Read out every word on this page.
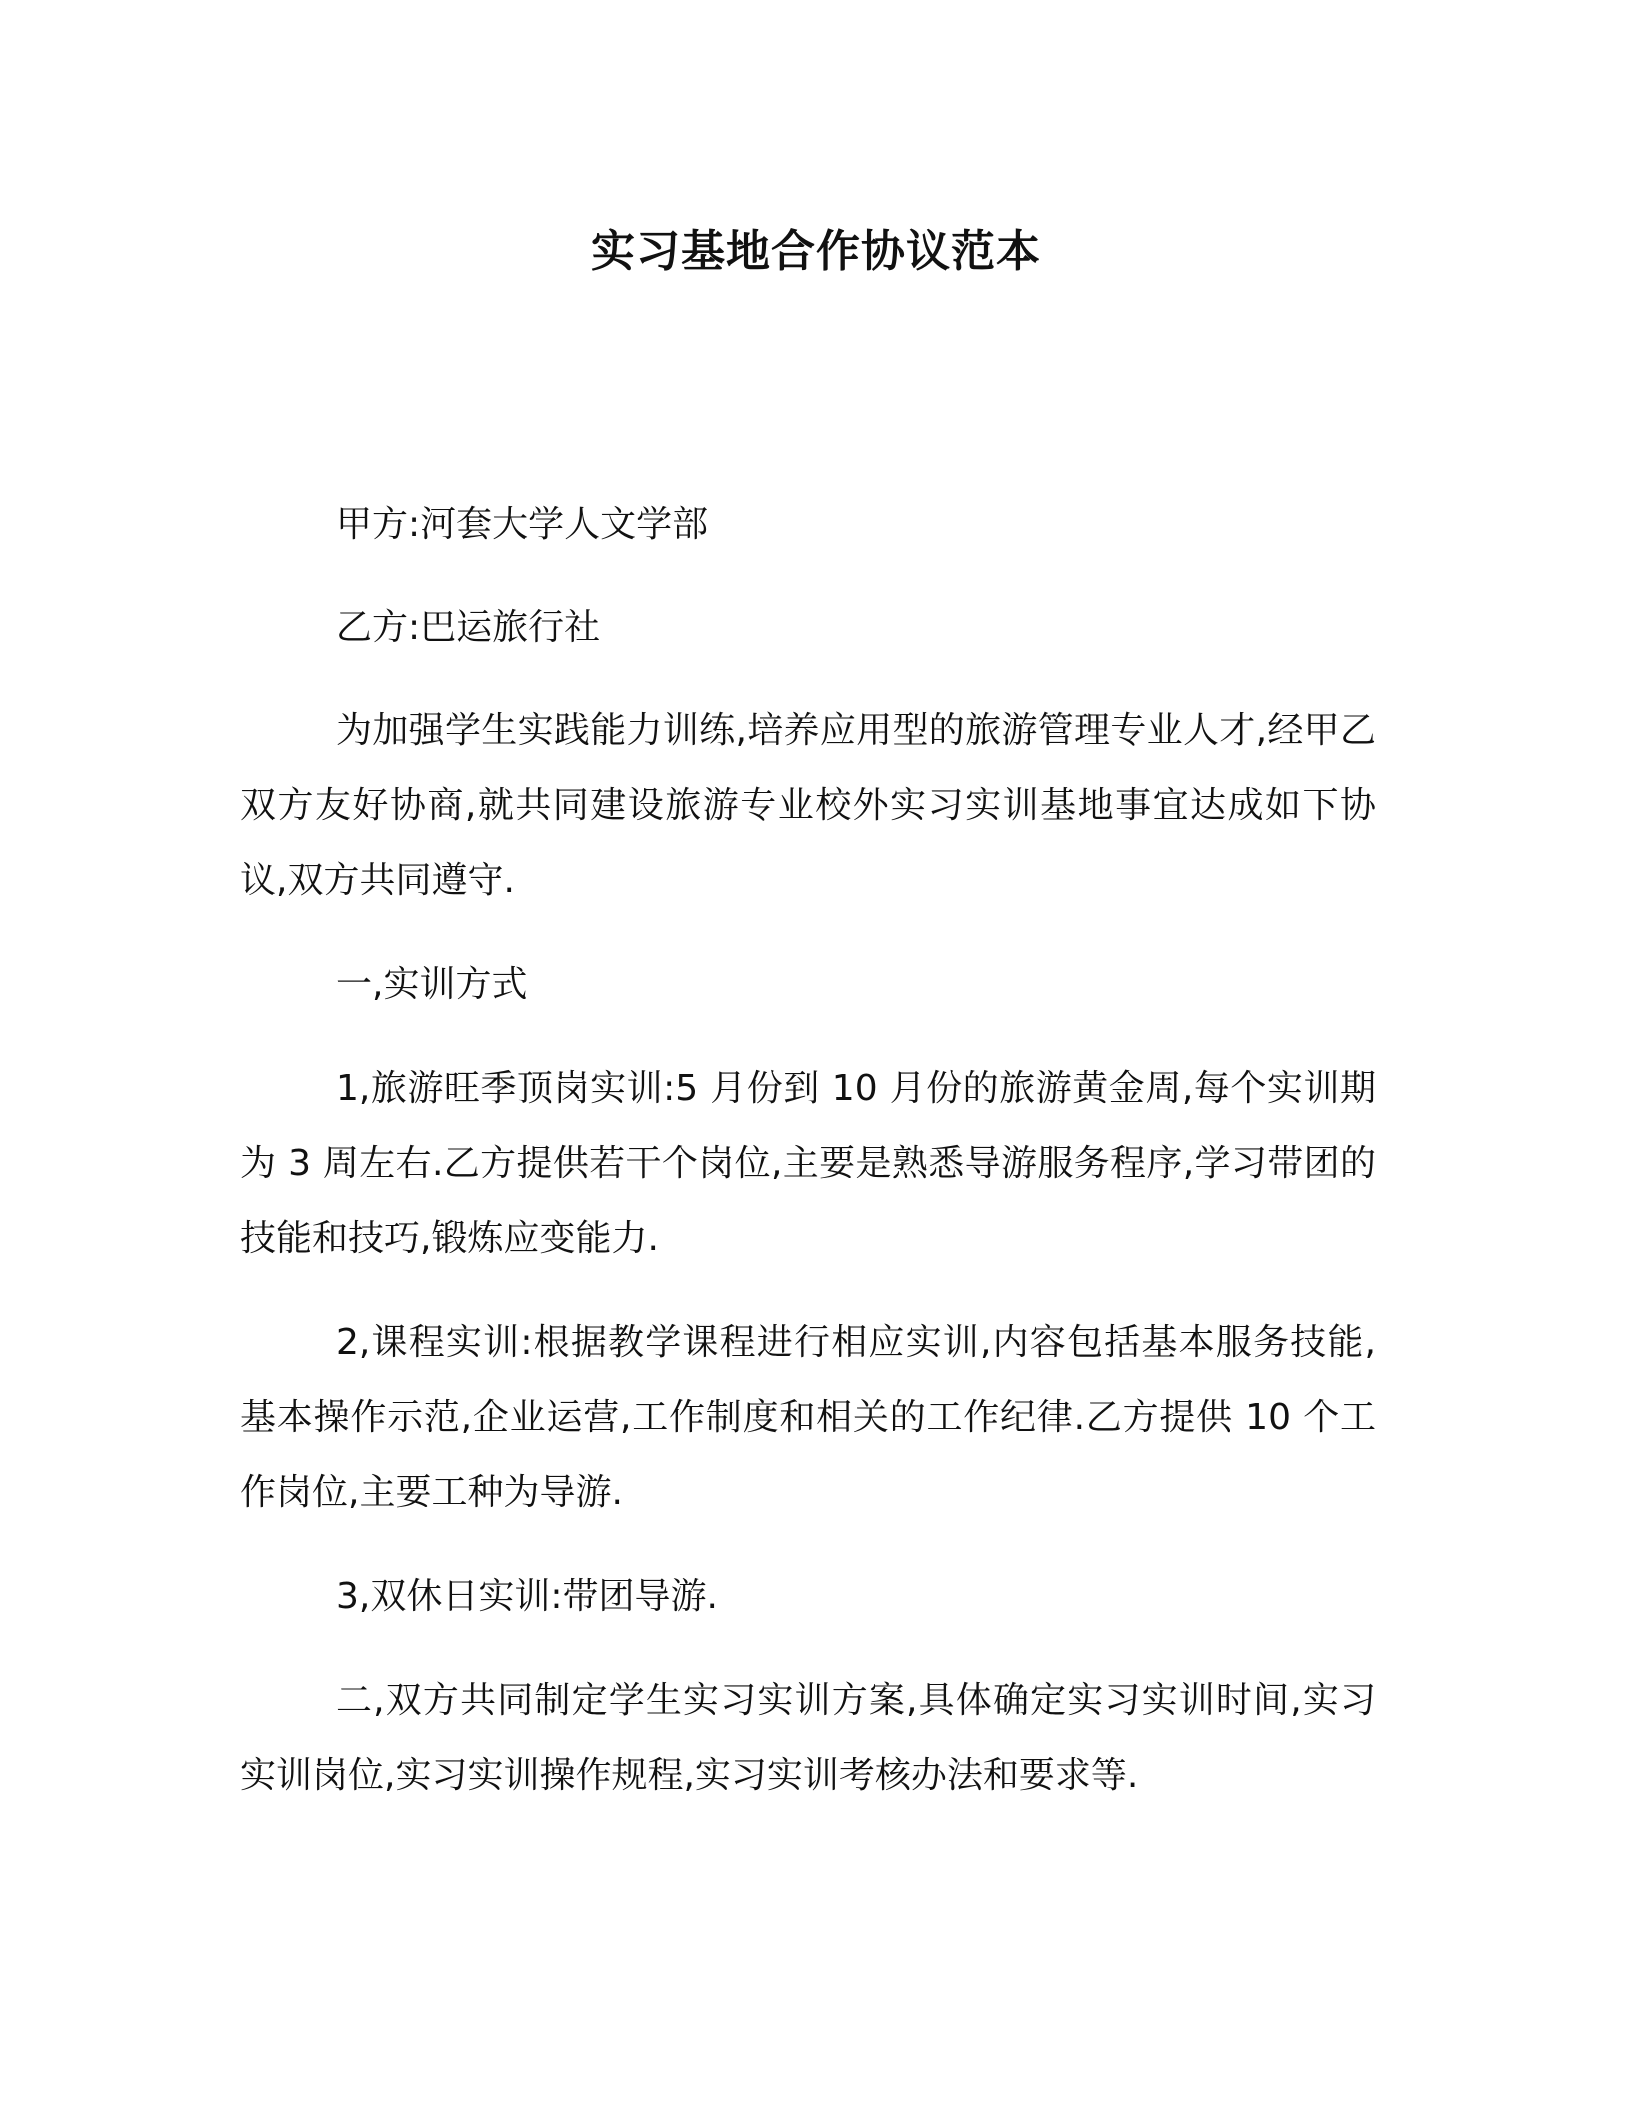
实习基地合作协议范本

甲方:河套大学人文学部

乙方:巴运旅行社

为加强学生实践能力训练,培养应用型的旅游管理专业人才,经甲乙双方友好协商,就共同建设旅游专业校外实习实训基地事宜达成如下协议,双方共同遵守.

一,实训方式

1,旅游旺季顶岗实训:5 月份到 10 月份的旅游黄金周,每个实训期为 3 周左右.乙方提供若干个岗位,主要是熟悉导游服务程序,学习带团的技能和技巧,锻炼应变能力.

2,课程实训:根据教学课程进行相应实训,内容包括基本服务技能,基本操作示范,企业运营,工作制度和相关的工作纪律.乙方提供 10 个工作岗位,主要工种为导游.

3,双休日实训:带团导游.

二,双方共同制定学生实习实训方案,具体确定实习实训时间,实习实训岗位,实习实训操作规程,实习实训考核办法和要求等.
